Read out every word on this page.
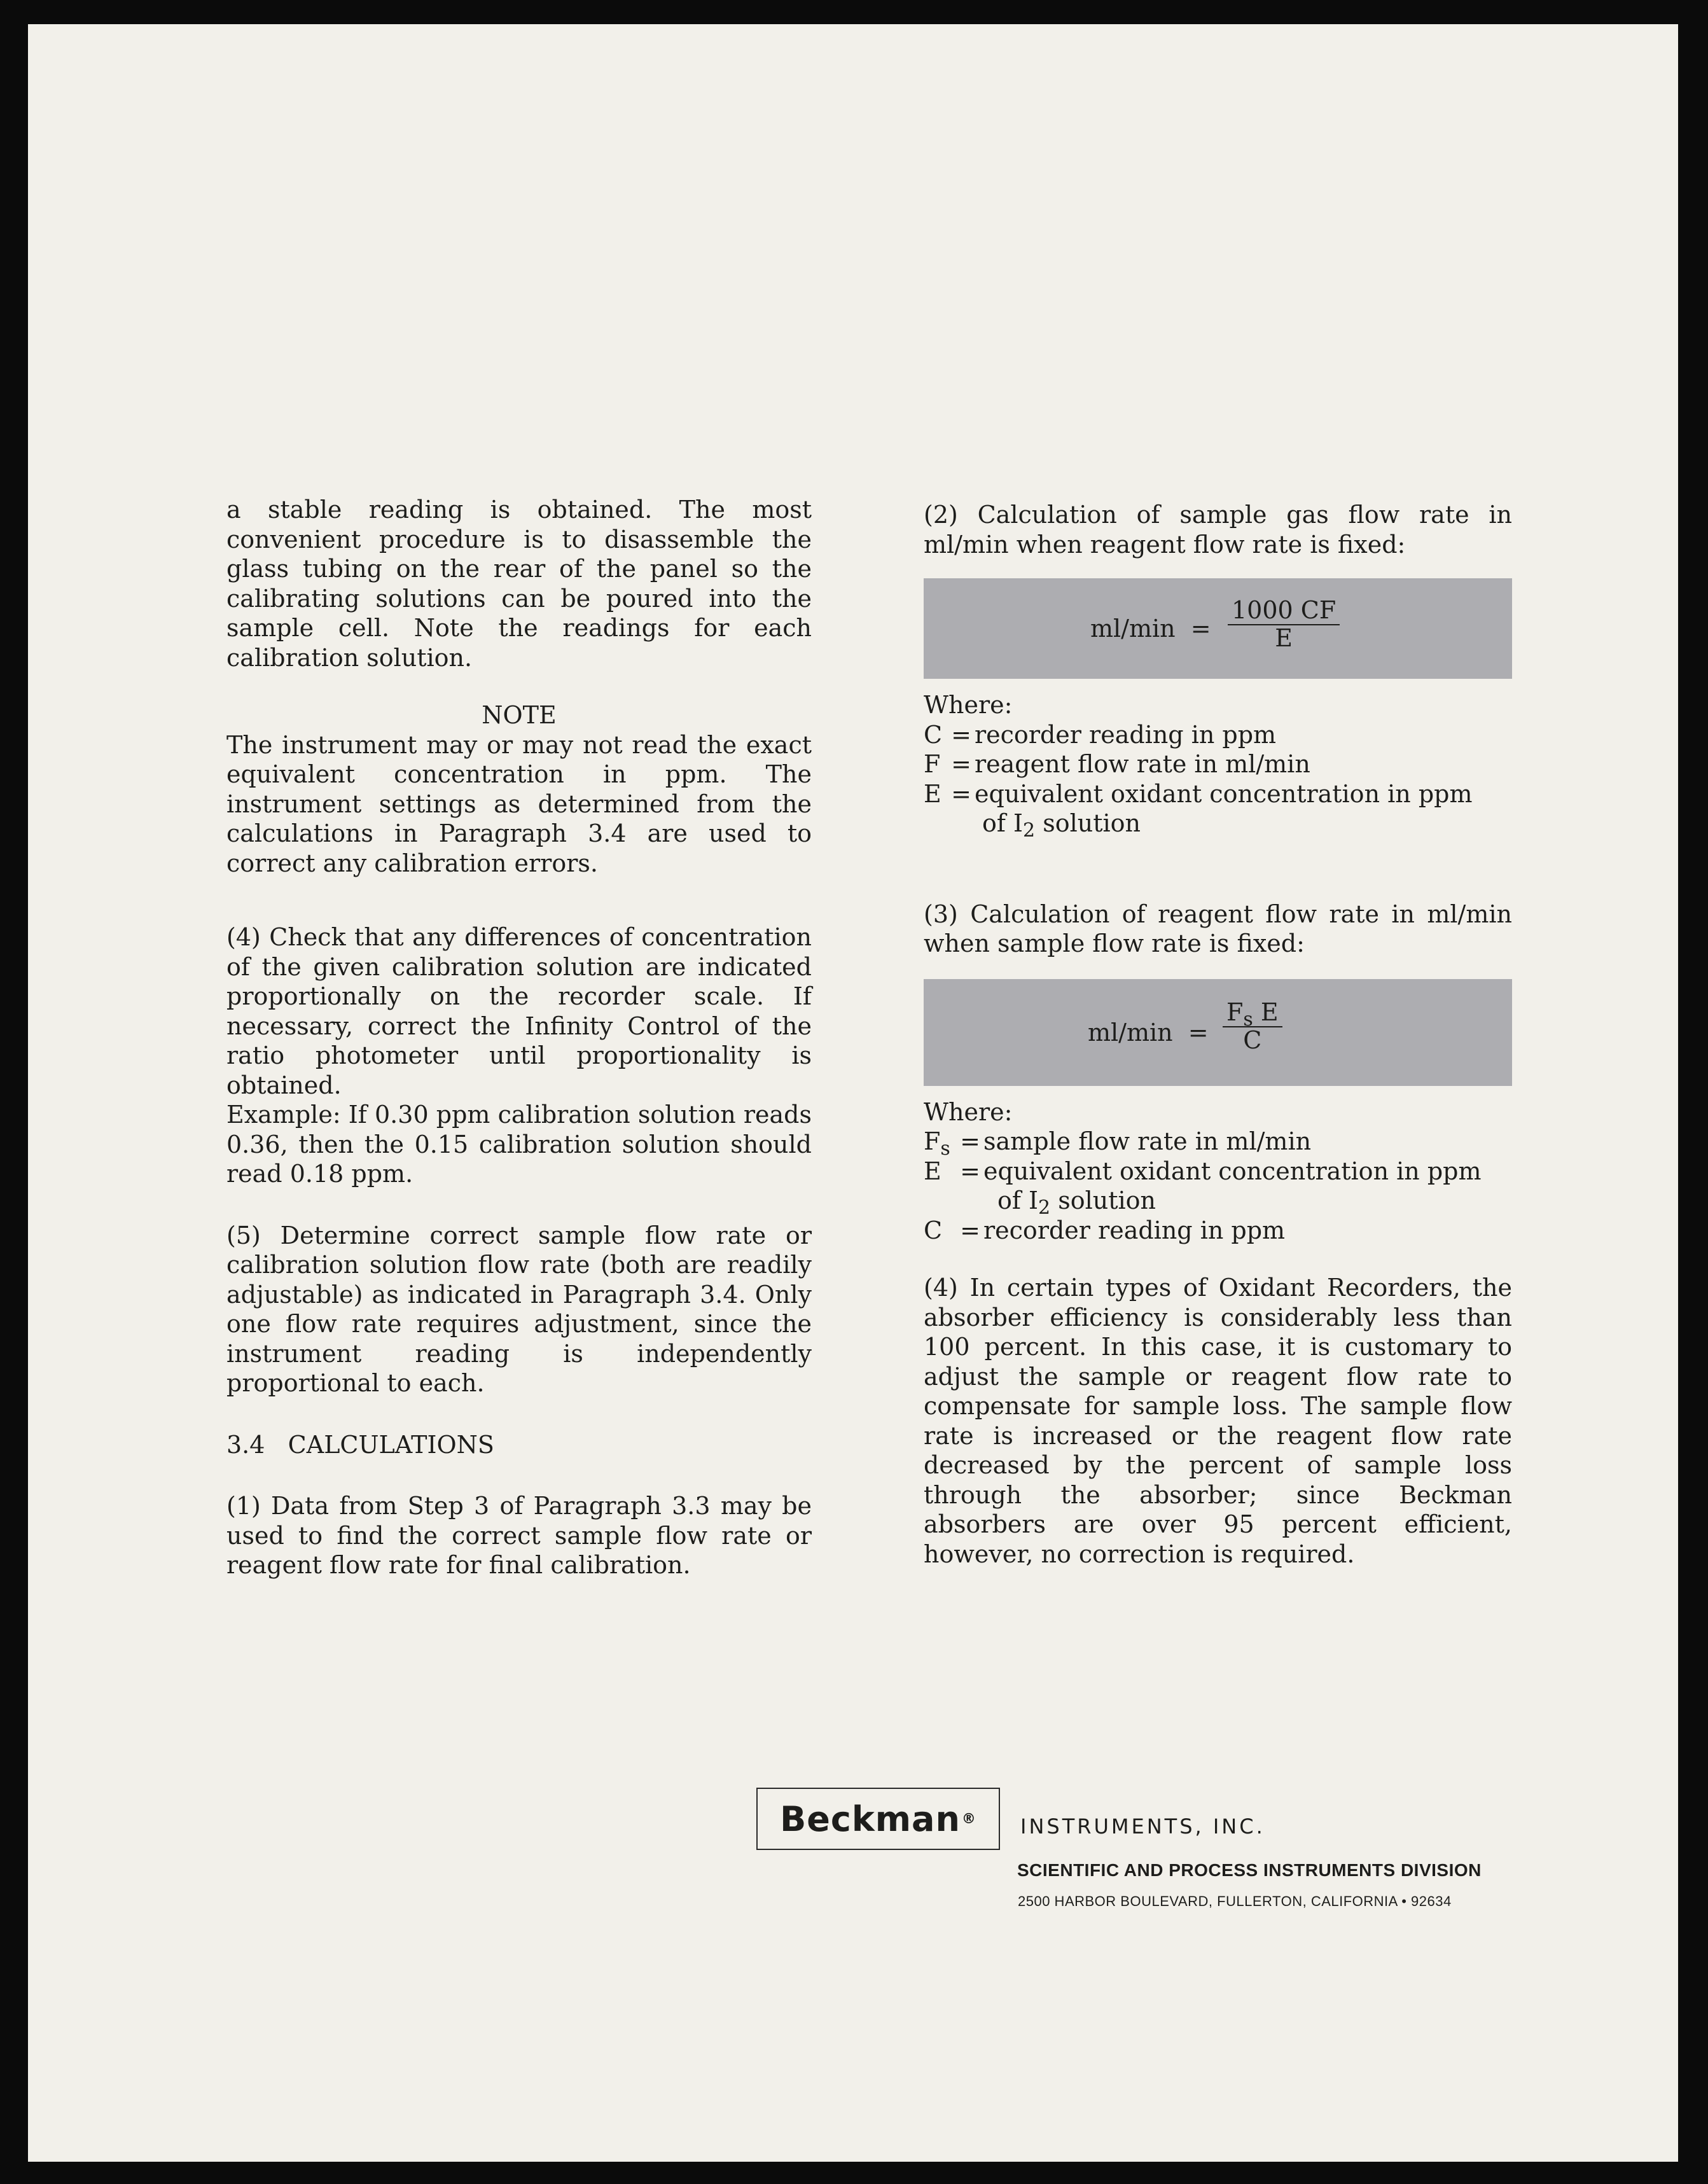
a stable reading is obtained. The most convenient procedure is to disassemble the glass tubing on the rear of the panel so the calibrating solutions can be poured into the sample cell. Note the readings for each calibration solution.

NOTE

The instrument may or may not read the exact equivalent concentration in ppm. The instrument settings as determined from the calculations in Paragraph 3.4 are used to correct any calibration errors.

(4) Check that any differences of concentration of the given calibration solution are indicated proportionally on the recorder scale. If necessary, correct the Infinity Control of the ratio photometer until proportionality is obtained.

Example: If 0.30 ppm calibration solution reads 0.36, then the 0.15 calibration solution should read 0.18 ppm.

(5) Determine correct sample flow rate or calibration solution flow rate (both are readily adjustable) as indicated in Paragraph 3.4. Only one flow rate requires adjustment, since the instrument reading is independently proportional to each.

3.4   CALCULATIONS

(1) Data from Step 3 of Paragraph 3.3 may be used to find the correct sample flow rate or reagent flow rate for final calibration.

(2) Calculation of sample gas flow rate in ml/min when reagent flow rate is fixed:

$ml/\min = \frac{1000 CF}{E}$

Where:

C = recorder reading in ppm
F = reagent flow rate in ml/min
E = equivalent oxidant concentration in ppm
of $I_2$ solution

(3) Calculation of reagent flow rate in ml/min when sample flow rate is fixed:

$ml/\min = \frac{F_s E}{C}$

Where:

$F_s$ = sample flow rate in ml/min
E = equivalent oxidant concentration in ppm
of $I_2$ solution
C = recorder reading in ppm

(4) In certain types of Oxidant Recorders, the absorber efficiency is considerably less than 100 percent. In this case, it is customary to adjust the sample or reagent flow rate to compensate for sample loss. The sample flow rate is increased or the reagent flow rate decreased by the percent of sample loss through the absorber; since Beckman absorbers are over 95 percent efficient, however, no correction is required.

Beckman ® INSTRUMENTS, INC.
SCIENTIFIC AND PROCESS INSTRUMENTS DIVISION
2500 HARBOR BOULEVARD, FULLERTON, CALIFORNIA • 92634
